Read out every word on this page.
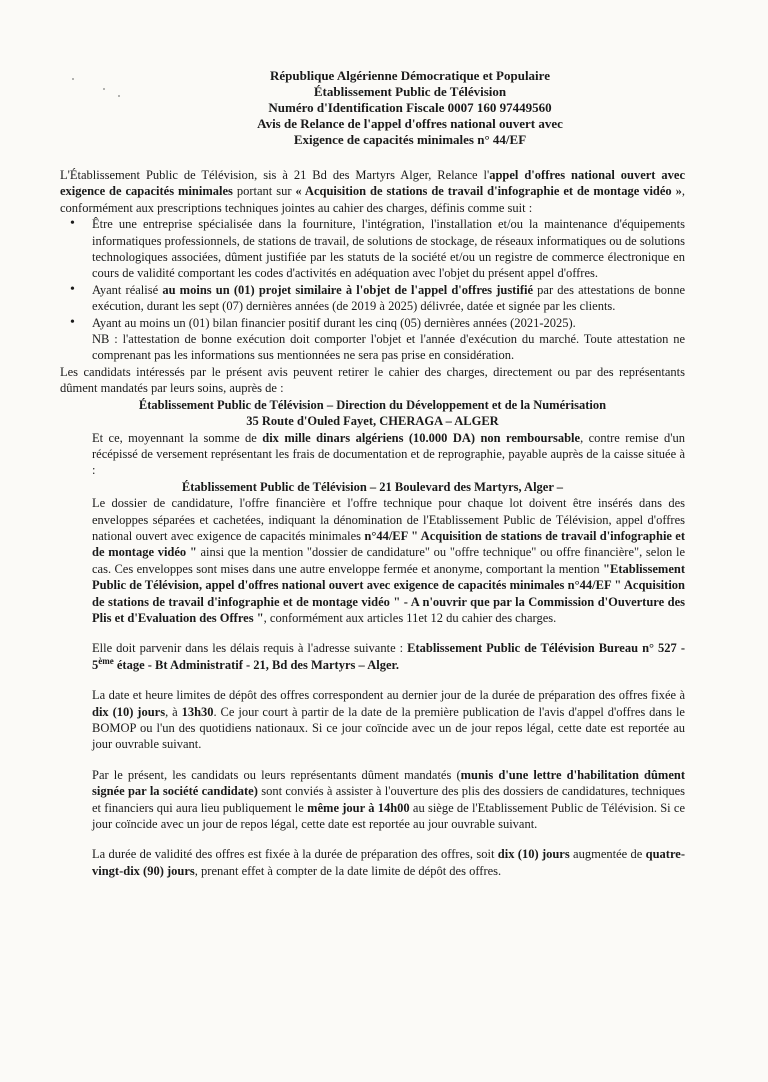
République Algérienne Démocratique et Populaire
Établissement Public de Télévision
Numéro d'Identification Fiscale 0007 160 97449560
Avis de Relance de l'appel d'offres national ouvert avec
Exigence de capacités minimales n° 44/EF

L'Établissement Public de Télévision, sis à 21 Bd des Martyrs Alger, Relance l'appel d'offres national ouvert avec exigence de capacités minimales portant sur « Acquisition de stations de travail d'infographie et de montage vidéo », conformément aux prescriptions techniques jointes au cahier des charges, définis comme suit :

• Être une entreprise spécialisée dans la fourniture, l'intégration, l'installation et/ou la maintenance d'équipements informatiques professionnels, de stations de travail, de solutions de stockage, de réseaux informatiques ou de solutions technologiques associées, dûment justifiée par les statuts de la société et/ou un registre de commerce électronique en cours de validité comportant les codes d'activités en adéquation avec l'objet du présent appel d'offres.
• Ayant réalisé au moins un (01) projet similaire à l'objet de l'appel d'offres justifié par des attestations de bonne exécution, durant les sept (07) dernières années (de 2019 à 2025) délivrée, datée et signée par les clients.
• Ayant au moins un (01) bilan financier positif durant les cinq (05) dernières années (2021-2025).
NB : l'attestation de bonne exécution doit comporter l'objet et l'année d'exécution du marché. Toute attestation ne comprenant pas les informations sus mentionnées ne sera pas prise en considération.

Les candidats intéressés par le présent avis peuvent retirer le cahier des charges, directement ou par des représentants dûment mandatés par leurs soins, auprès de :

Établissement Public de Télévision – Direction du Développement et de la Numérisation

35 Route d'Ouled Fayet, CHERAGA – ALGER

Et ce, moyennant la somme de dix mille dinars algériens (10.000 DA) non remboursable, contre remise d'un récépissé de versement représentant les frais de documentation et de reprographie, payable auprès de la caisse située à :

Établissement Public de Télévision – 21 Boulevard des Martyrs, Alger –

Le dossier de candidature, l'offre financière et l'offre technique pour chaque lot doivent être insérés dans des enveloppes séparées et cachetées, indiquant la dénomination de l'Etablissement Public de Télévision, appel d'offres national ouvert avec exigence de capacités minimales n°44/EF " Acquisition de stations de travail d'infographie et de montage vidéo " ainsi que la mention "dossier de candidature" ou "offre technique" ou offre financière", selon le cas. Ces enveloppes sont mises dans une autre enveloppe fermée et anonyme, comportant la mention "Etablissement Public de Télévision, appel d'offres national ouvert avec exigence de capacités minimales n°44/EF " Acquisition de stations de travail d'infographie et de montage vidéo " - A n'ouvrir que par la Commission d'Ouverture des Plis et d'Evaluation des Offres ", conformément aux articles 11et 12 du cahier des charges.

Elle doit parvenir dans les délais requis à l'adresse suivante : Etablissement Public de Télévision Bureau n° 527 - 5ème étage - Bt Administratif - 21, Bd des Martyrs – Alger.

La date et heure limites de dépôt des offres correspondent au dernier jour de la durée de préparation des offres fixée à dix (10) jours, à 13h30. Ce jour court à partir de la date de la première publication de l'avis d'appel d'offres dans le BOMOP ou l'un des quotidiens nationaux. Si ce jour coïncide avec un de jour repos légal, cette date est reportée au jour ouvrable suivant.

Par le présent, les candidats ou leurs représentants dûment mandatés (munis d'une lettre d'habilitation dûment signée par la société candidate) sont conviés à assister à l'ouverture des plis des dossiers de candidatures, techniques et financiers qui aura lieu publiquement le même jour à 14h00 au siège de l'Etablissement Public de Télévision. Si ce jour coïncide avec un jour de repos légal, cette date est reportée au jour ouvrable suivant.

La durée de validité des offres est fixée à la durée de préparation des offres, soit dix (10) jours augmentée de quatre-vingt-dix (90) jours, prenant effet à compter de la date limite de dépôt des offres.
